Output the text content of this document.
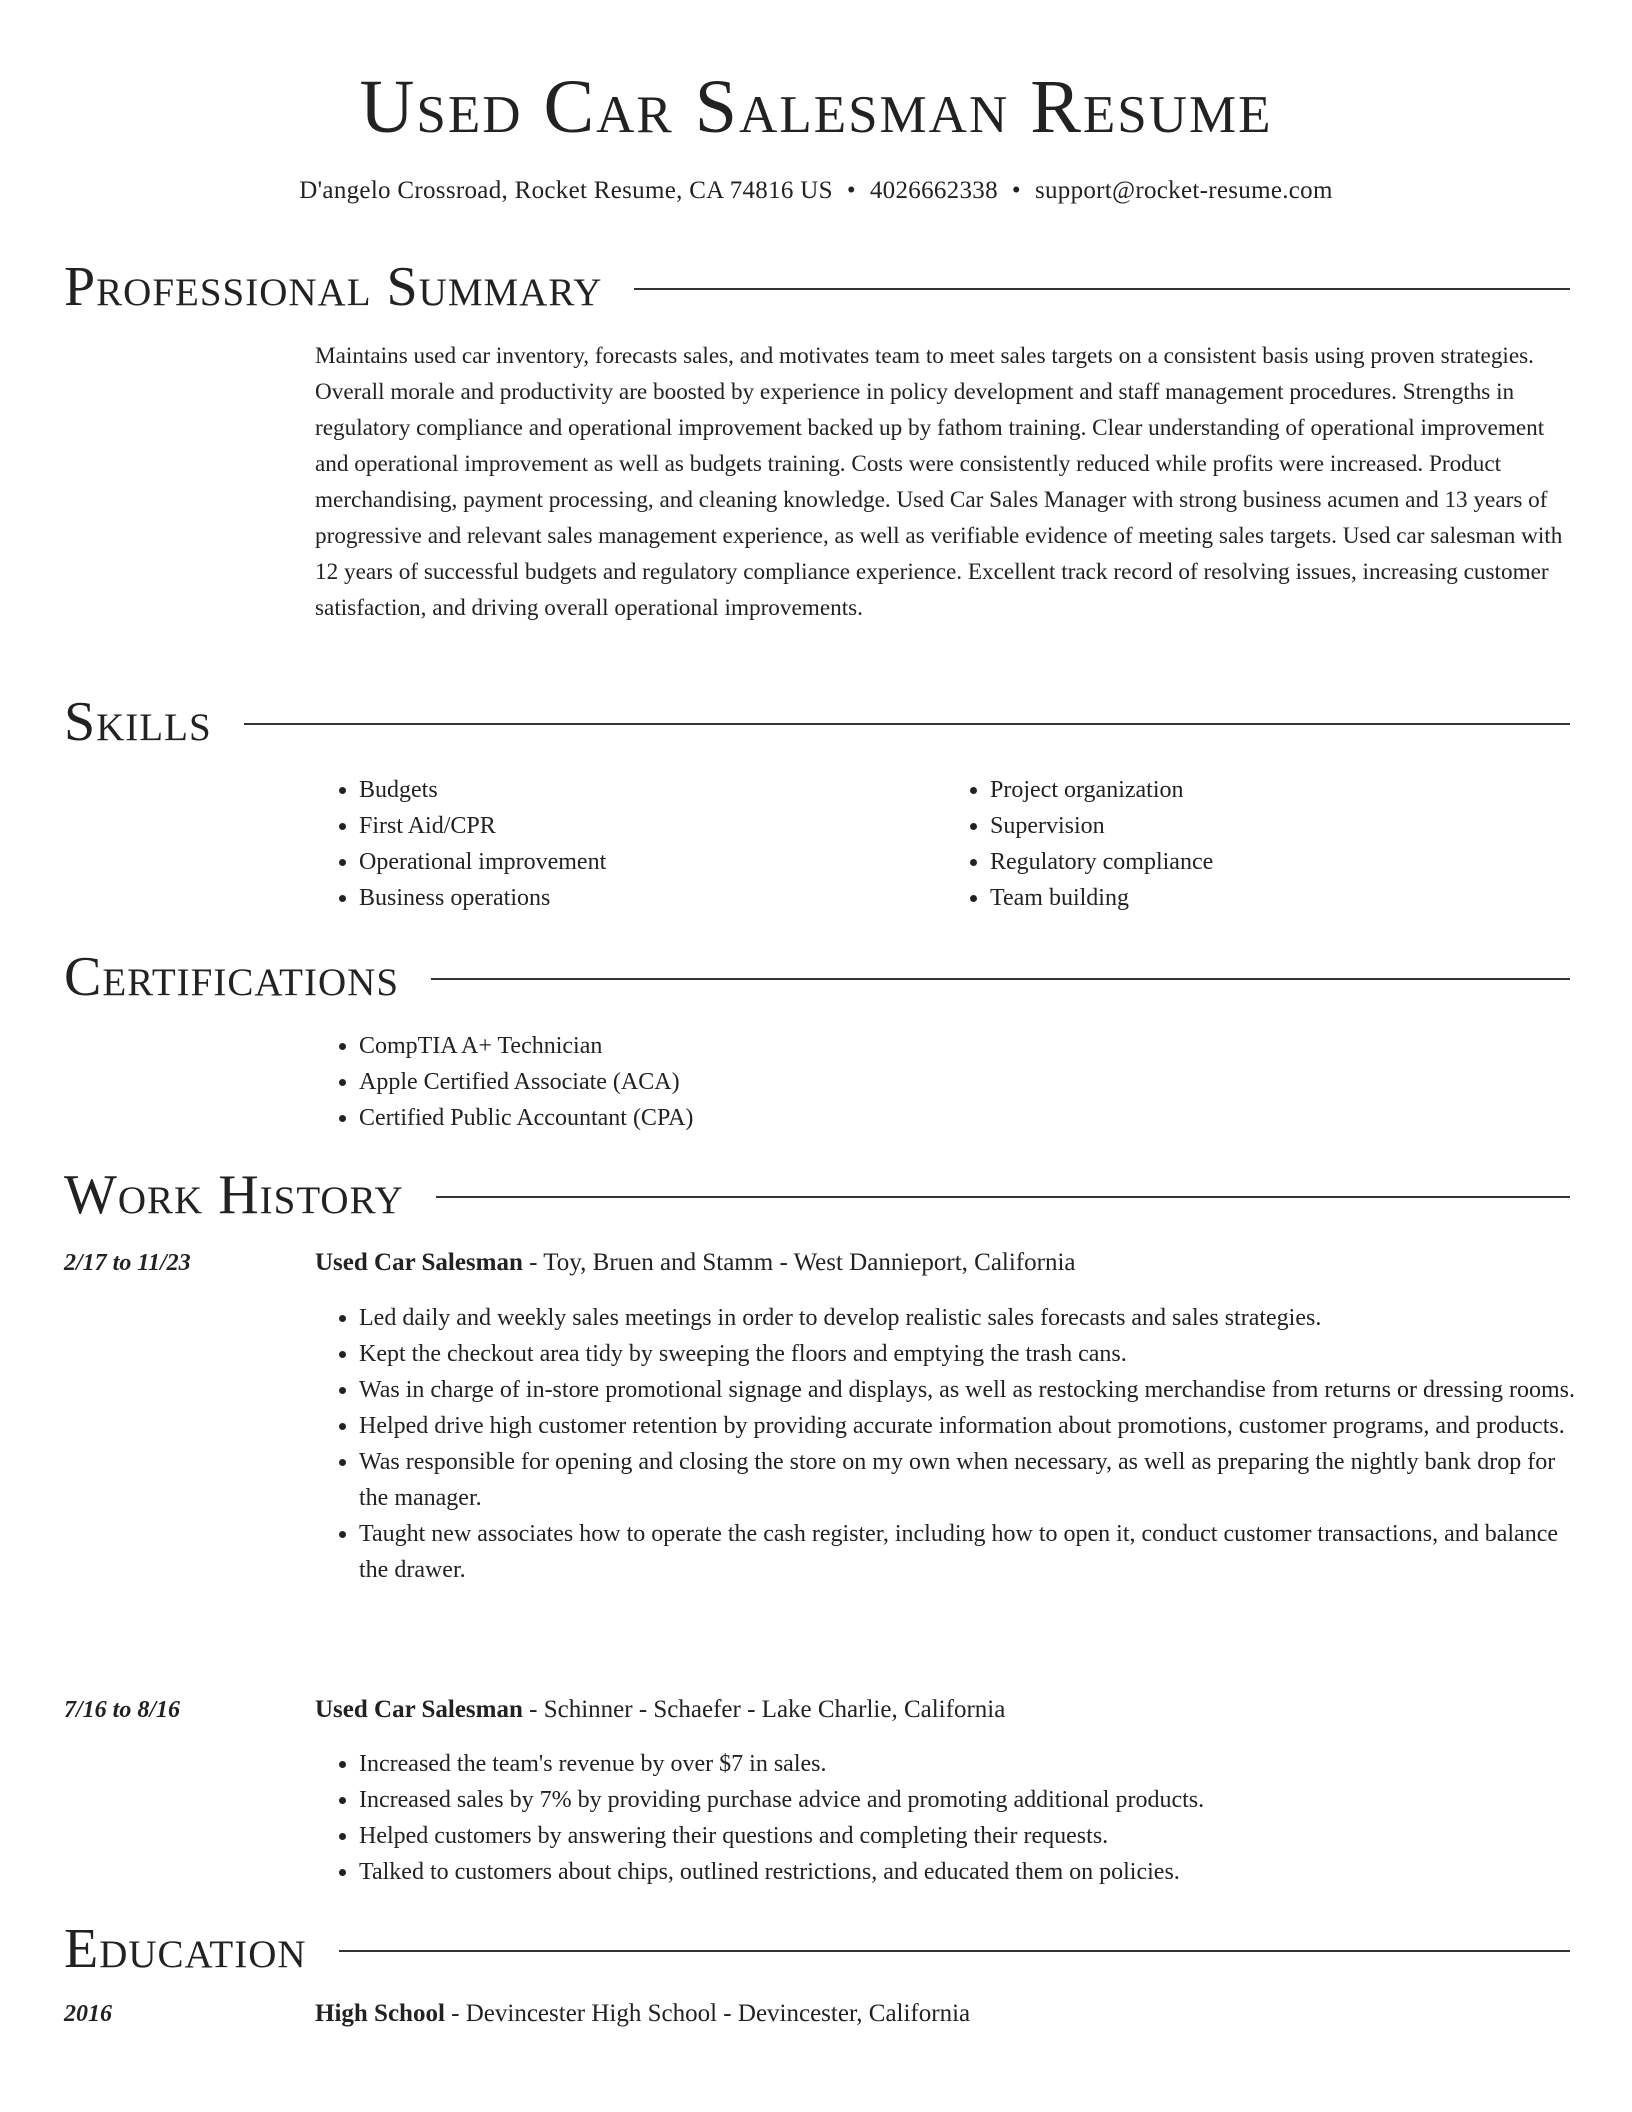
Used Car Salesman Resume
D'angelo Crossroad, Rocket Resume, CA 74816 US • 4026662338 • support@rocket-resume.com
Professional Summary
Maintains used car inventory, forecasts sales, and motivates team to meet sales targets on a consistent basis using proven strategies. Overall morale and productivity are boosted by experience in policy development and staff management procedures. Strengths in regulatory compliance and operational improvement backed up by fathom training. Clear understanding of operational improvement and operational improvement as well as budgets training. Costs were consistently reduced while profits were increased. Product merchandising, payment processing, and cleaning knowledge. Used Car Sales Manager with strong business acumen and 13 years of progressive and relevant sales management experience, as well as verifiable evidence of meeting sales targets. Used car salesman with 12 years of successful budgets and regulatory compliance experience. Excellent track record of resolving issues, increasing customer satisfaction, and driving overall operational improvements.
Skills
• Budgets
• First Aid/CPR
• Operational improvement
• Business operations
• Project organization
• Supervision
• Regulatory compliance
• Team building
Certifications
• CompTIA A+ Technician
• Apple Certified Associate (ACA)
• Certified Public Accountant (CPA)
Work History
2/17 to 11/23	Used Car Salesman - Toy, Bruen and Stamm - West Dannieport, California
• Led daily and weekly sales meetings in order to develop realistic sales forecasts and sales strategies.
• Kept the checkout area tidy by sweeping the floors and emptying the trash cans.
• Was in charge of in-store promotional signage and displays, as well as restocking merchandise from returns or dressing rooms.
• Helped drive high customer retention by providing accurate information about promotions, customer programs, and products.
• Was responsible for opening and closing the store on my own when necessary, as well as preparing the nightly bank drop for the manager.
• Taught new associates how to operate the cash register, including how to open it, conduct customer transactions, and balance the drawer.
7/16 to 8/16	Used Car Salesman - Schinner - Schaefer - Lake Charlie, California
• Increased the team's revenue by over $7 in sales.
• Increased sales by 7% by providing purchase advice and promoting additional products.
• Helped customers by answering their questions and completing their requests.
• Talked to customers about chips, outlined restrictions, and educated them on policies.
Education
2016	High School - Devincester High School - Devincester, California
